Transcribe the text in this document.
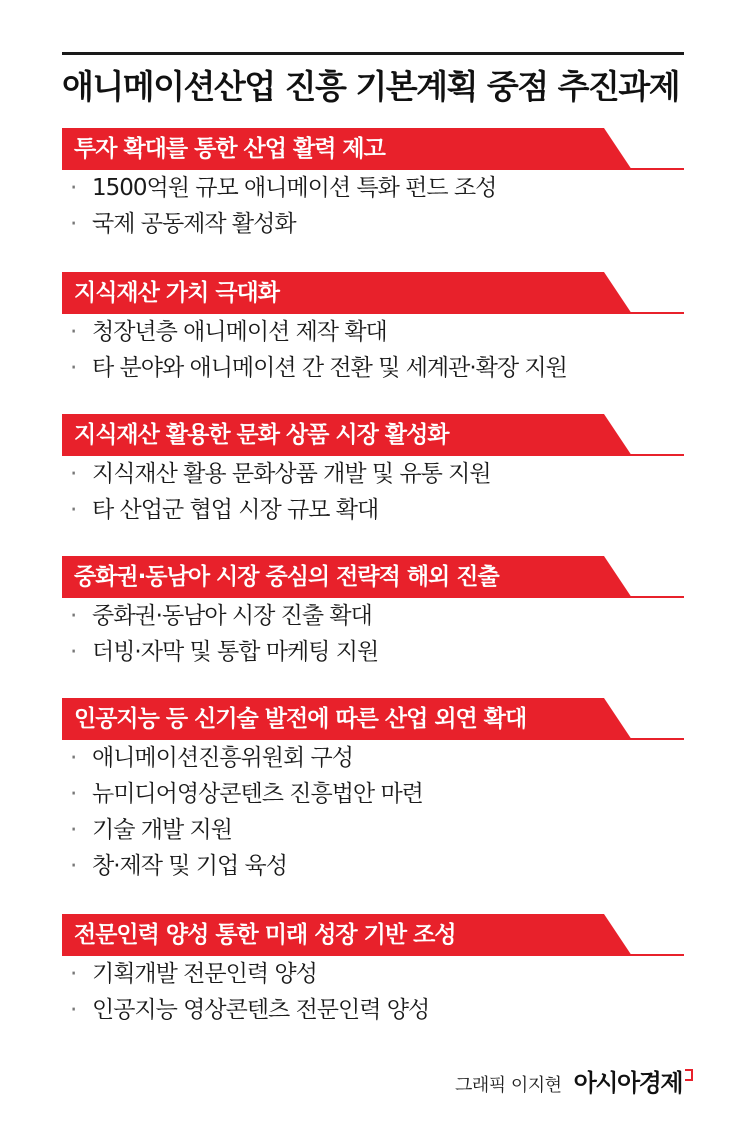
애니메이션산업 진흥 기본계획 중점 추진과제
투자 확대를 통한 산업 활력 제고
· 1500억원 규모 애니메이션 특화 펀드 조성
· 국제 공동제작 활성화
지식재산 가치 극대화
· 청장년층 애니메이션 제작 확대
· 타 분야와 애니메이션 간 전환 및 세계관·확장 지원
지식재산 활용한 문화 상품 시장 활성화
· 지식재산 활용 문화상품 개발 및 유통 지원
· 타 산업군 협업 시장 규모 확대
중화권·동남아 시장 중심의 전략적 해외 진출
· 중화권·동남아 시장 진출 확대
· 더빙·자막 및 통합 마케팅 지원
인공지능 등 신기술 발전에 따른 산업 외연 확대
· 애니메이션진흥위원회 구성
· 뉴미디어영상콘텐츠 진흥법안 마련
· 기술 개발 지원
· 창·제작 및 기업 육성
전문인력 양성 통한 미래 성장 기반 조성
· 기획개발 전문인력 양성
· 인공지능 영상콘텐츠 전문인력 양성
그래픽 이지현 아시아경제
